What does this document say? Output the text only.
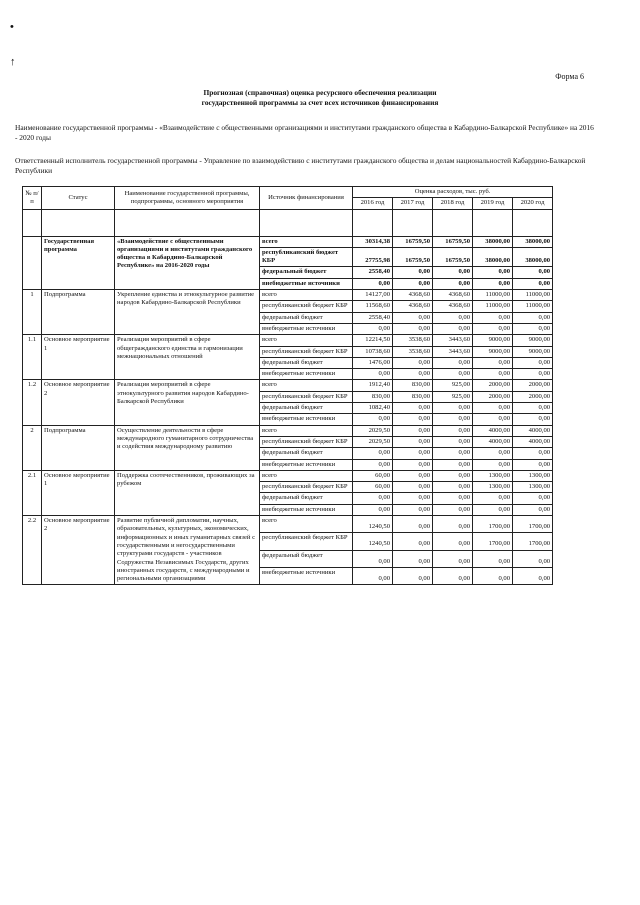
•
↑
Форма 6
Прогнозная (справочная) оценка ресурсного обеспечения реализации
государственной программы за счет всех источников финансирования
Наименование государственной программы - «Взаимодействие с общественными организациями и институтами гражданского общества в Кабардино-Балкарской Республике» на 2016 - 2020 годы
Ответственный исполнитель государственной программы - Управление по взаимодействию с институтами гражданского общества и делам национальностей Кабардино-Балкарской Республики
№ п/п	Статус	Наименование государственной программы, подпрограммы, основного мероприятия	Источник финансирования	Оценка расходов, тыс. руб.				
				2016 год	2017 год	2018 год	2019 год	2020 год

	Государственная программа	«Взаимодействие с общественными организациями и институтами гражданского общества в Кабардино-Балкарской Республике» на 2016-2020 годы	всего	30314,38	16759,50	16759,50	38000,00	38000,00
			республиканский бюджет КБР	27755,98	16759,50	16759,50	38000,00	38000,00
			федеральный бюджет	2558,40	0,00	0,00	0,00	0,00
			внебюджетные источники	0,00	0,00	0,00	0,00	0,00
1	Подпрограмма	Укрепление единства и этнокультурное развитие народов Кабардино-Балкарской Республики	всего	14127,00	4368,60	4368,60	11000,00	11000,00
			республиканский бюджет КБР	11568,60	4368,60	4368,60	11000,00	11000,00
			федеральный бюджет	2558,40	0,00	0,00	0,00	0,00
			внебюджетные источники	0,00	0,00	0,00	0,00	0,00
1.1	Основное мероприятие 1	Реализация мероприятий в сфере общегражданского единства и гармонизации межнациональных отношений	всего	12214,50	3538,60	3443,60	9000,00	9000,00
			республиканский бюджет КБР	10738,60	3538,60	3443,60	9000,00	9000,00
			федеральный бюджет	1476,00	0,00	0,00	0,00	0,00
			внебюджетные источники	0,00	0,00	0,00	0,00	0,00
1.2	Основное мероприятие 2	Реализация мероприятий в сфере этнокультурного развития народов Кабардино-Балкарской Республики	всего	1912,40	830,00	925,00	2000,00	2000,00
			республиканский бюджет КБР	830,00	830,00	925,00	2000,00	2000,00
			федеральный бюджет	1082,40	0,00	0,00	0,00	0,00
			внебюджетные источники	0,00	0,00	0,00	0,00	0,00
2	Подпрограмма	Осуществление деятельности в сфере международного гуманитарного сотрудничества и содействия международному развитию	всего	2029,50	0,00	0,00	4000,00	4000,00
			республиканский бюджет КБР	2029,50	0,00	0,00	4000,00	4000,00
			федеральный бюджет	0,00	0,00	0,00	0,00	0,00
			внебюджетные источники	0,00	0,00	0,00	0,00	0,00
2.1	Основное мероприятие 1	Поддержка соотечественников, проживающих за рубежом	всего	60,00	0,00	0,00	1300,00	1300,00
			республиканский бюджет КБР	60,00	0,00	0,00	1300,00	1300,00
			федеральный бюджет	0,00	0,00	0,00	0,00	0,00
			внебюджетные источники	0,00	0,00	0,00	0,00	0,00
2.2	Основное мероприятие 2	Развитие публичной дипломатии, научных, образовательных, культурных, экономических, информационных и иных гуманитарных связей с государственными и негосударственными структурами государств - участников Содружества Независимых Государств, других иностранных государств, с международными и региональными организациями	всего	1240,50	0,00	0,00	1700,00	1700,00
			республиканский бюджет КБР	1240,50	0,00	0,00	1700,00	1700,00
			федеральный бюджет	0,00	0,00	0,00	0,00	0,00
			внебюджетные источники	0,00	0,00	0,00	0,00	0,00
